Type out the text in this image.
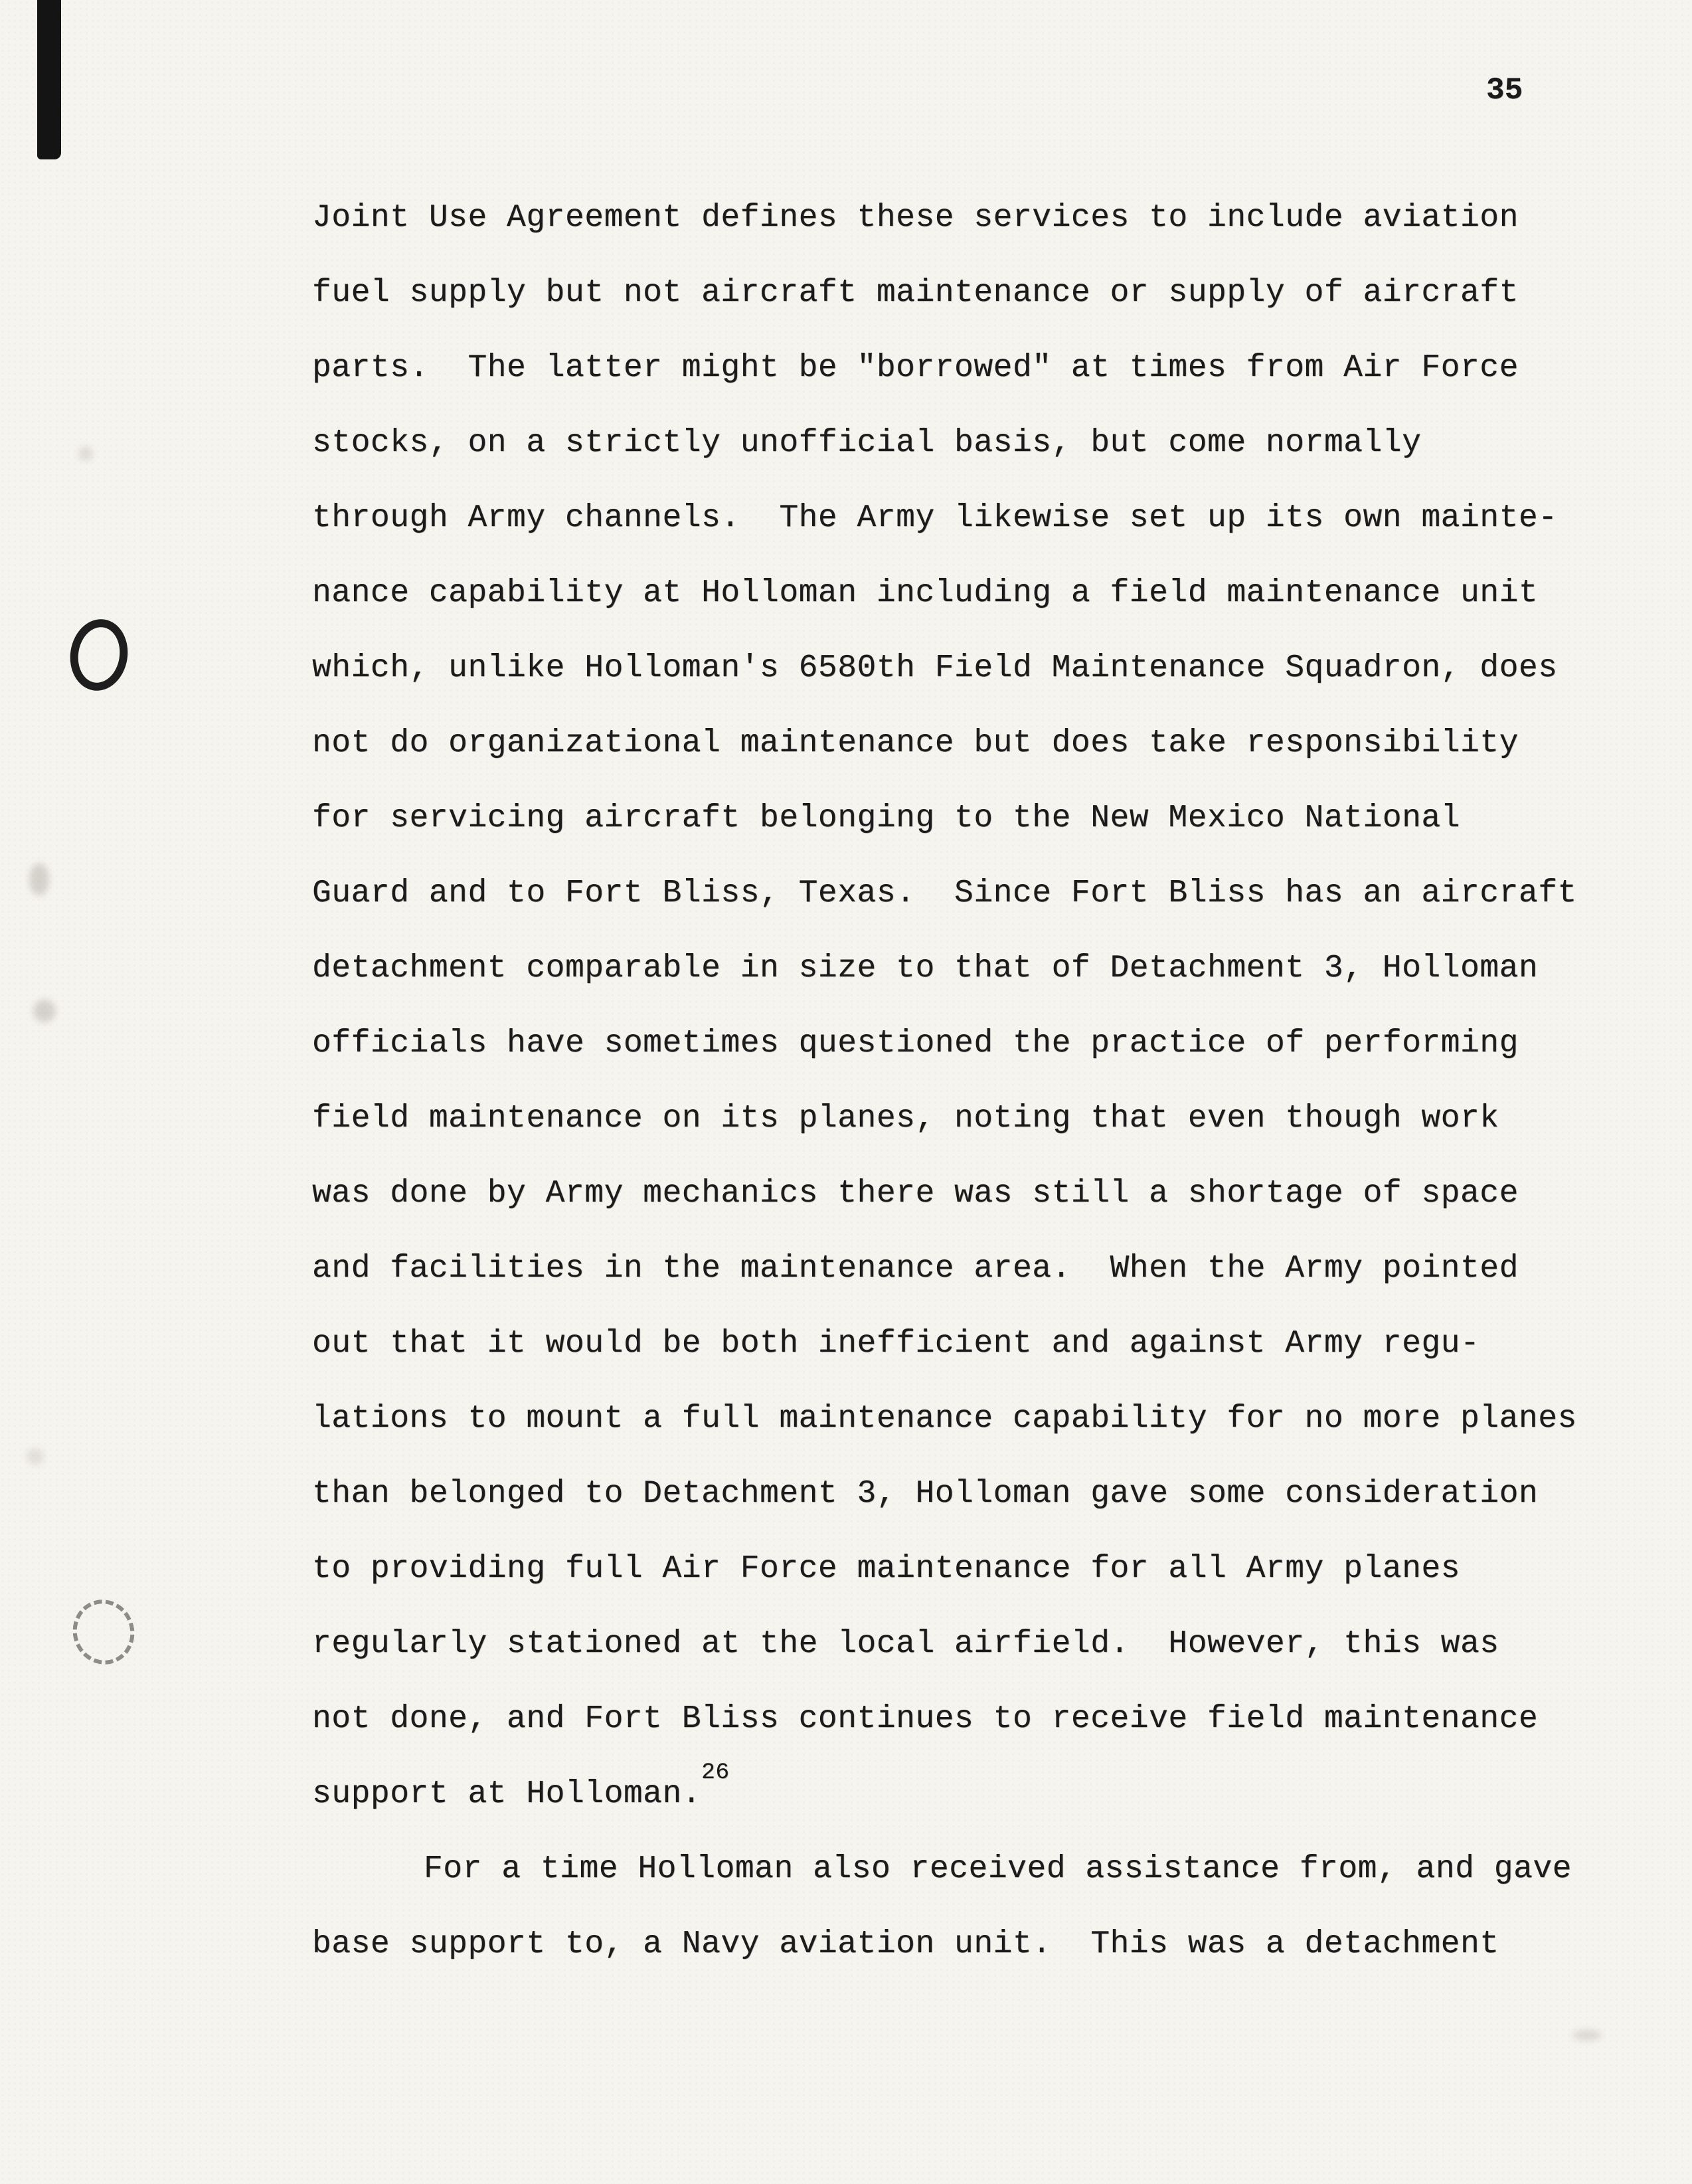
35
Joint Use Agreement defines these services to include aviation
fuel supply but not aircraft maintenance or supply of aircraft
parts.  The latter might be "borrowed" at times from Air Force
stocks, on a strictly unofficial basis, but come normally
through Army channels.  The Army likewise set up its own mainte-
nance capability at Holloman including a field maintenance unit
which, unlike Holloman's 6580th Field Maintenance Squadron, does
not do organizational maintenance but does take responsibility
for servicing aircraft belonging to the New Mexico National
Guard and to Fort Bliss, Texas.  Since Fort Bliss has an aircraft
detachment comparable in size to that of Detachment 3, Holloman
officials have sometimes questioned the practice of performing
field maintenance on its planes, noting that even though work
was done by Army mechanics there was still a shortage of space
and facilities in the maintenance area.  When the Army pointed
out that it would be both inefficient and against Army regu-
lations to mount a full maintenance capability for no more planes
than belonged to Detachment 3, Holloman gave some consideration
to providing full Air Force maintenance for all Army planes
regularly stationed at the local airfield.  However, this was
not done, and Fort Bliss continues to receive field maintenance
support at Holloman.$^{26}$
For a time Holloman also received assistance from, and gave
base support to, a Navy aviation unit.  This was a detachment
